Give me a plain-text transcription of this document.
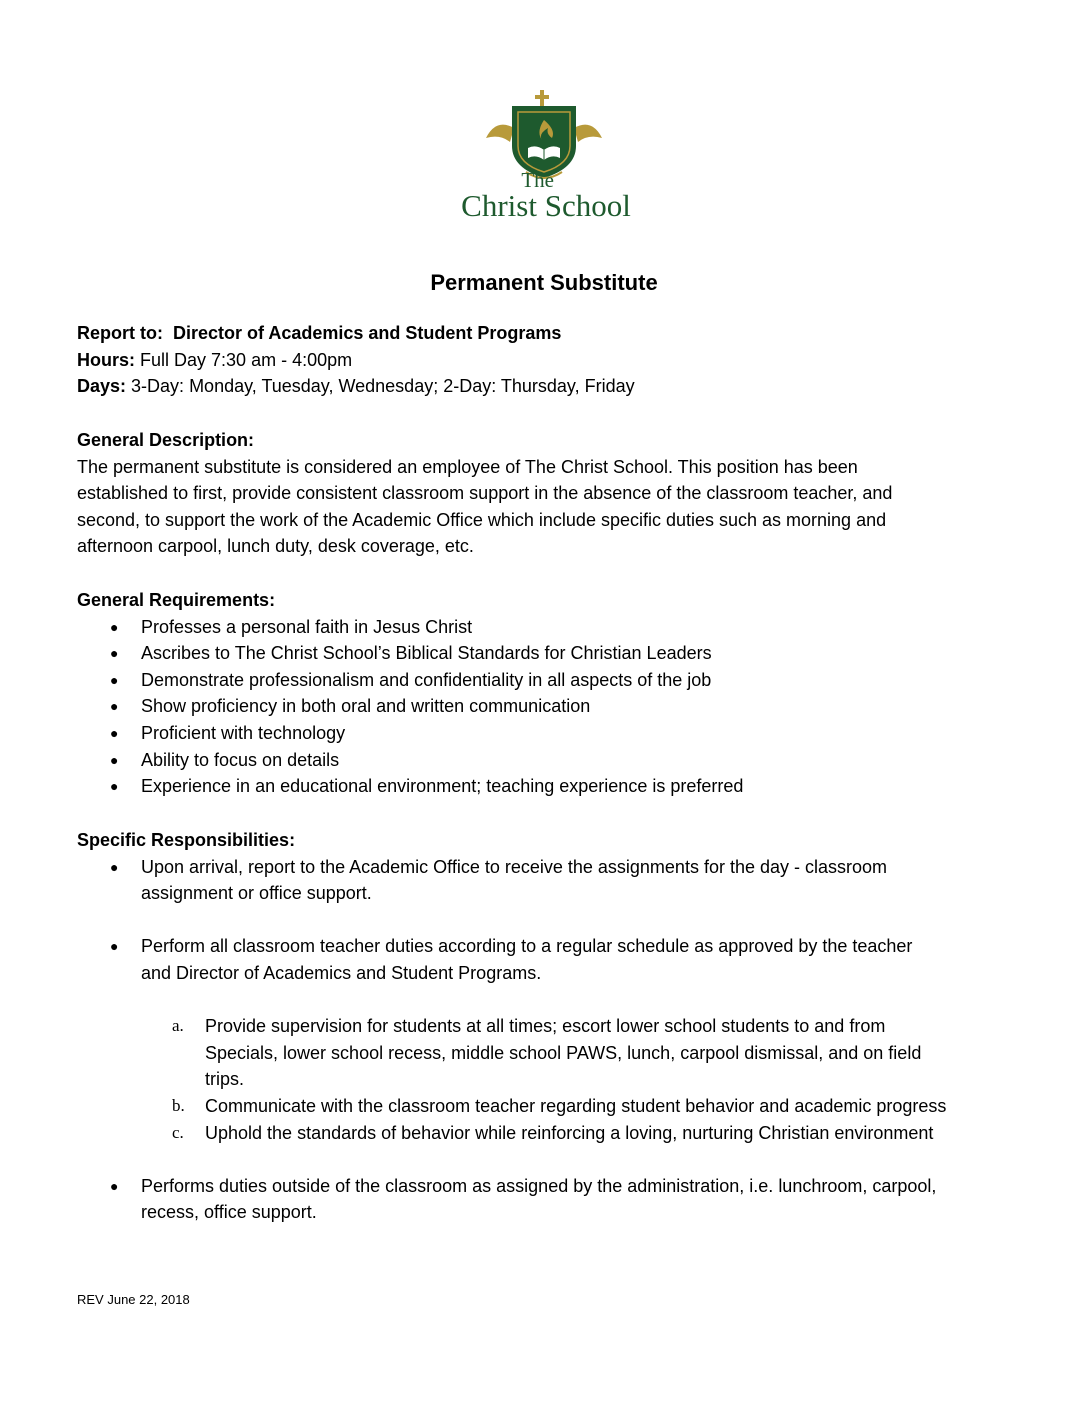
The
Christ School
Permanent Substitute
Report to: Director of Academics and Student Programs
Hours: Full Day 7:30 am - 4:00pm
Days: 3-Day: Monday, Tuesday, Wednesday; 2-Day: Thursday, Friday
General Description:
The permanent substitute is considered an employee of The Christ School. This position has been
established to first, provide consistent classroom support in the absence of the classroom teacher, and
second, to support the work of the Academic Office which include specific duties such as morning and
afternoon carpool, lunch duty, desk coverage, etc.
General Requirements:
● Professes a personal faith in Jesus Christ
● Ascribes to The Christ School’s Biblical Standards for Christian Leaders
● Demonstrate professionalism and confidentiality in all aspects of the job
● Show proficiency in both oral and written communication
● Proficient with technology
● Ability to focus on details
● Experience in an educational environment; teaching experience is preferred
Specific Responsibilities:
● Upon arrival, report to the Academic Office to receive the assignments for the day - classroom
assignment or office support.
● Perform all classroom teacher duties according to a regular schedule as approved by the teacher
and Director of Academics and Student Programs.
a. Provide supervision for students at all times; escort lower school students to and from
Specials, lower school recess, middle school PAWS, lunch, carpool dismissal, and on field
trips.
b. Communicate with the classroom teacher regarding student behavior and academic progress
c. Uphold the standards of behavior while reinforcing a loving, nurturing Christian environment
● Performs duties outside of the classroom as assigned by the administration, i.e. lunchroom, carpool,
recess, office support.
REV June 22, 2018
